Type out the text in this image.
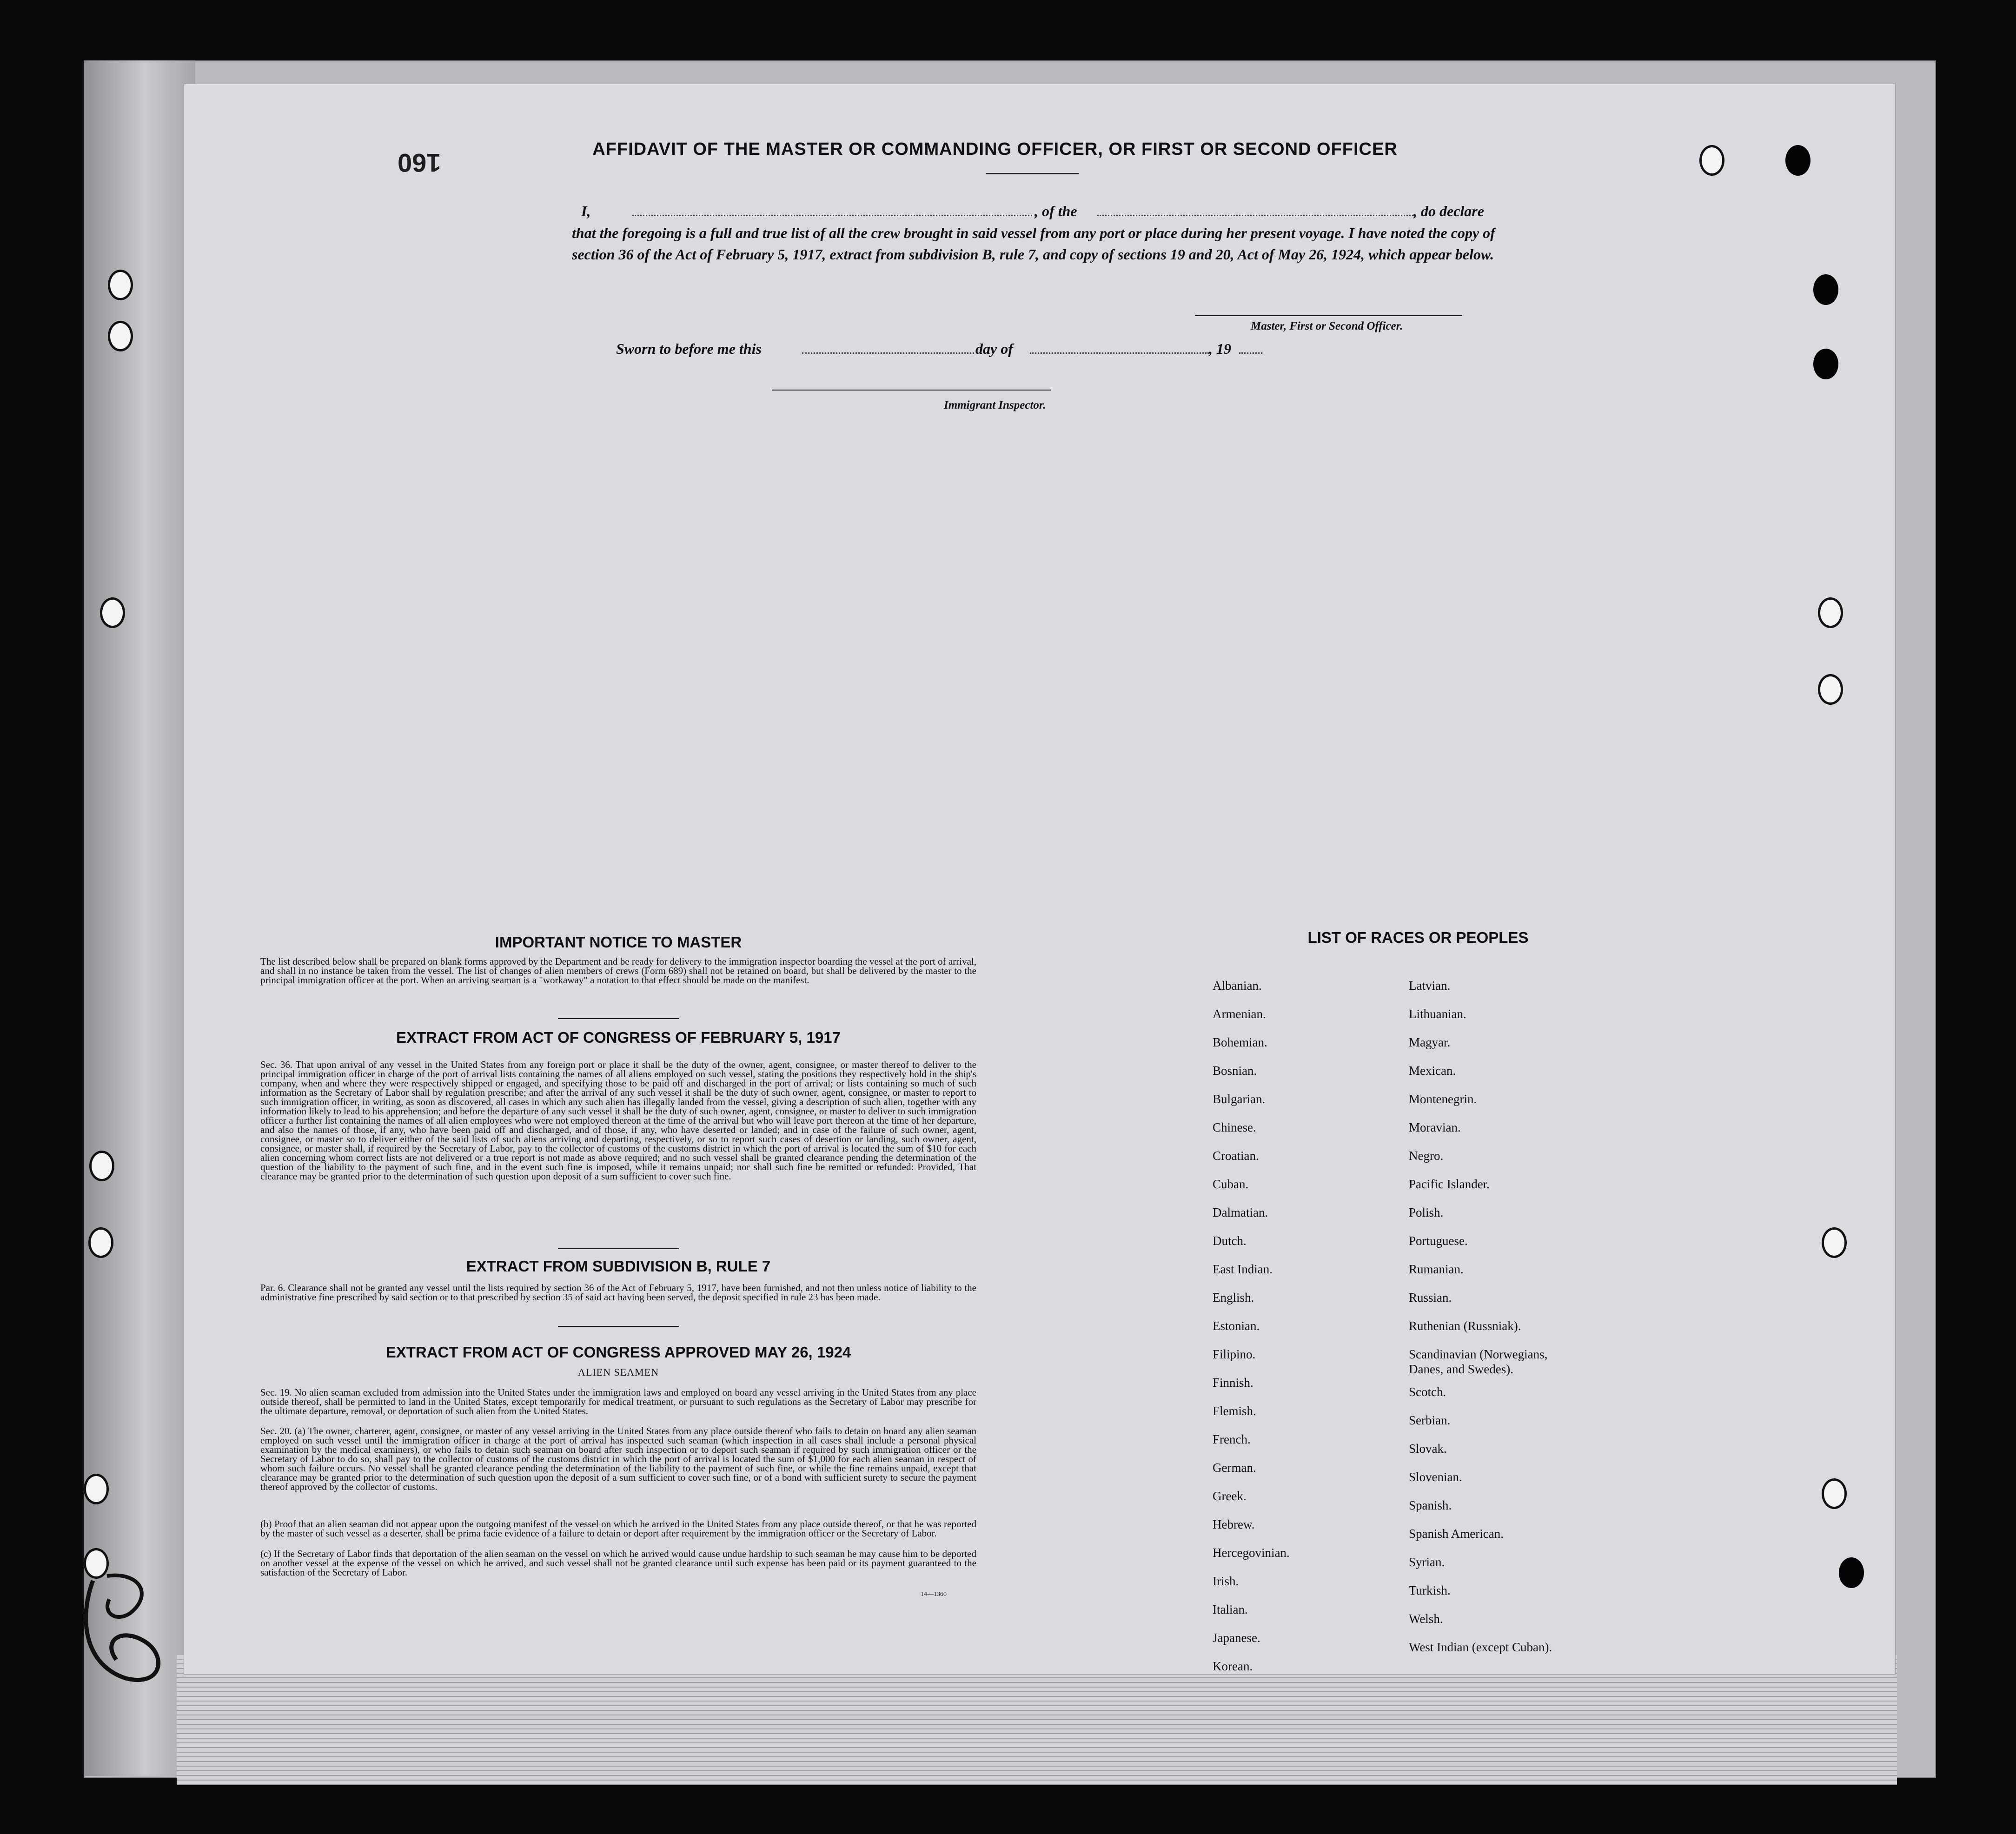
160	AFFIDAVIT OF THE MASTER OR COMMANDING OFFICER, OR FIRST OR SECOND OFFICER
I,	, of the	, do declare
that the foregoing is a full and true list of all the crew brought in said vessel from any port or place during her present voyage. I have noted the copy of section 36 of the Act of February 5, 1917, extract from subdivision B, rule 7, and copy of sections 19 and 20, Act of May 26, 1924, which appear below.
Master, First or Second Officer.
Sworn to before me this	day of	, 19
Immigrant Inspector.
IMPORTANT NOTICE TO MASTER
The list described below shall be prepared on blank forms approved by the Department and be ready for delivery to the immigration inspector boarding the vessel at the port of arrival, and shall in no instance be taken from the vessel. The list of changes of alien members of crews (Form 689) shall not be retained on board, but shall be delivered by the master to the principal immigration officer at the port. When an arriving seaman is a "workaway" a notation to that effect should be made on the manifest.
EXTRACT FROM ACT OF CONGRESS OF FEBRUARY 5, 1917
Sec. 36. That upon arrival of any vessel in the United States from any foreign port or place it shall be the duty of the owner, agent, consignee, or master thereof to deliver to the principal immigration officer in charge of the port of arrival lists containing the names of all aliens employed on such vessel, stating the positions they respectively hold in the ship's company, when and where they were respectively shipped or engaged, and specifying those to be paid off and discharged in the port of arrival; or lists containing so much of such information as the Secretary of Labor shall by regulation prescribe; and after the arrival of any such vessel it shall be the duty of such owner, agent, consignee, or master to report to such immigration officer, in writing, as soon as discovered, all cases in which any such alien has illegally landed from the vessel, giving a description of such alien, together with any information likely to lead to his apprehension; and before the departure of any such vessel it shall be the duty of such owner, agent, consignee, or master to deliver to such immigration officer a further list containing the names of all alien employees who were not employed thereon at the time of the arrival but who will leave port thereon at the time of her departure, and also the names of those, if any, who have been paid off and discharged, and of those, if any, who have deserted or landed; and in case of the failure of such owner, agent, consignee, or master so to deliver either of the said lists of such aliens arriving and departing, respectively, or so to report such cases of desertion or landing, such owner, agent, consignee, or master shall, if required by the Secretary of Labor, pay to the collector of customs of the customs district in which the port of arrival is located the sum of $10 for each alien concerning whom correct lists are not delivered or a true report is not made as above required; and no such vessel shall be granted clearance pending the determination of the question of the liability to the payment of such fine, and in the event such fine is imposed, while it remains unpaid; nor shall such fine be remitted or refunded: Provided, That clearance may be granted prior to the determination of such question upon deposit of a sum sufficient to cover such fine.
EXTRACT FROM SUBDIVISION B, RULE 7
Par. 6. Clearance shall not be granted any vessel until the lists required by section 36 of the Act of February 5, 1917, have been furnished, and not then unless notice of liability to the administrative fine prescribed by said section or to that prescribed by section 35 of said act having been served, the deposit specified in rule 23 has been made.
EXTRACT FROM ACT OF CONGRESS APPROVED MAY 26, 1924
ALIEN SEAMEN
Sec. 19. No alien seaman excluded from admission into the United States under the immigration laws and employed on board any vessel arriving in the United States from any place outside thereof, shall be permitted to land in the United States, except temporarily for medical treatment, or pursuant to such regulations as the Secretary of Labor may prescribe for the ultimate departure, removal, or deportation of such alien from the United States.
Sec. 20. (a) The owner, charterer, agent, consignee, or master of any vessel arriving in the United States from any place outside thereof who fails to detain on board any alien seaman employed on such vessel until the immigration officer in charge at the port of arrival has inspected such seaman (which inspection in all cases shall include a personal physical examination by the medical examiners), or who fails to detain such seaman on board after such inspection or to deport such seaman if required by such immigration officer or the Secretary of Labor to do so, shall pay to the collector of customs of the customs district in which the port of arrival is located the sum of $1,000 for each alien seaman in respect of whom such failure occurs. No vessel shall be granted clearance pending the determination of the liability to the payment of such fine, or while the fine remains unpaid, except that clearance may be granted prior to the determination of such question upon the deposit of a sum sufficient to cover such fine, or of a bond with sufficient surety to secure the payment thereof approved by the collector of customs.
(b) Proof that an alien seaman did not appear upon the outgoing manifest of the vessel on which he arrived in the United States from any place outside thereof, or that he was reported by the master of such vessel as a deserter, shall be prima facie evidence of a failure to detain or deport after requirement by the immigration officer or the Secretary of Labor.
(c) If the Secretary of Labor finds that deportation of the alien seaman on the vessel on which he arrived would cause undue hardship to such seaman he may cause him to be deported on another vessel at the expense of the vessel on which he arrived, and such vessel shall not be granted clearance until such expense has been paid or its payment guaranteed to the satisfaction of the Secretary of Labor.
14—1360
LIST OF RACES OR PEOPLES
Albanian.
Armenian.
Bohemian.
Bosnian.
Bulgarian.
Chinese.
Croatian.
Cuban.
Dalmatian.
Dutch.
East Indian.
English.
Estonian.
Filipino.
Finnish.
Flemish.
French.
German.
Greek.
Hebrew.
Hercegovinian.
Irish.
Italian.
Japanese.
Korean.
Latvian.
Lithuanian.
Magyar.
Mexican.
Montenegrin.
Moravian.
Negro.
Pacific Islander.
Polish.
Portuguese.
Rumanian.
Russian.
Ruthenian (Russniak).
Scandinavian (Norwegians,
Danes, and Swedes).
Scotch.
Serbian.
Slovak.
Slovenian.
Spanish.
Spanish American.
Syrian.
Turkish.
Welsh.
West Indian (except Cuban).
